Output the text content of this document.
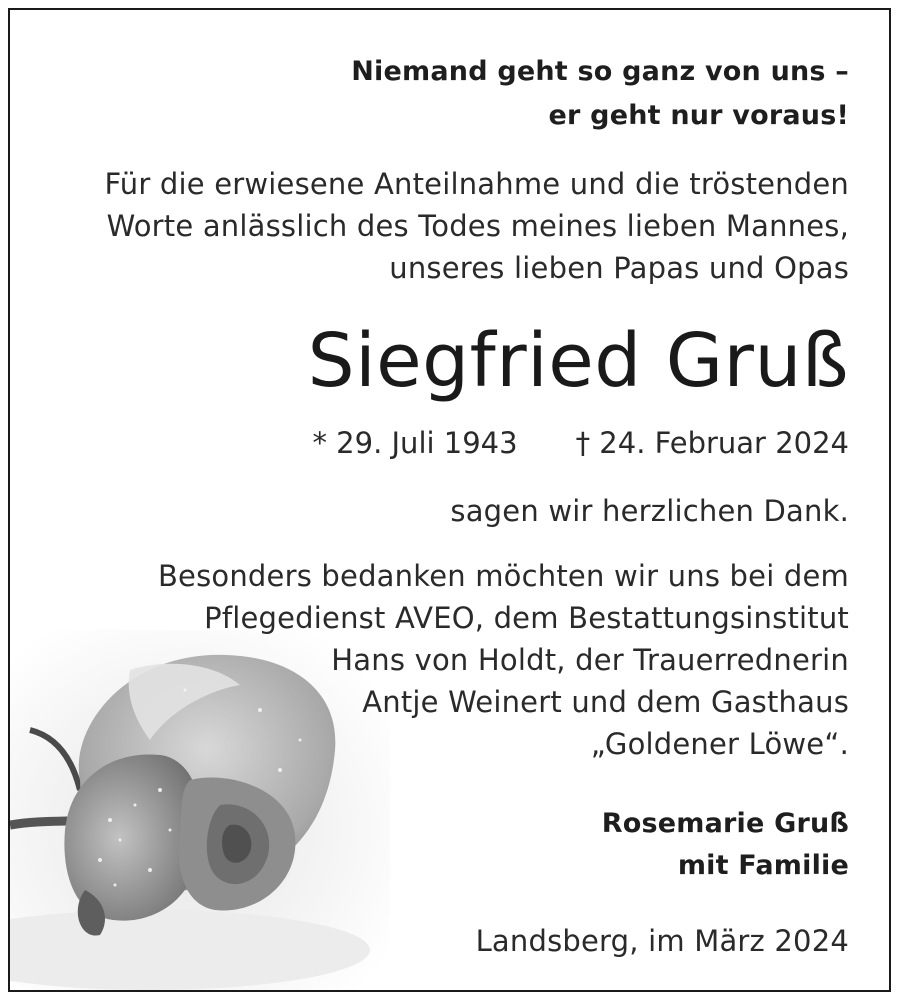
Niemand geht so ganz von uns –
er geht nur voraus!
Für die erwiesene Anteilnahme und die tröstenden
Worte anlässlich des Todes meines lieben Mannes,
unseres lieben Papas und Opas
Siegfried Gruß
* 29. Juli 1943 † 24. Februar 2024
sagen wir herzlichen Dank.
Besonders bedanken möchten wir uns bei dem
Pflegedienst AVEO, dem Bestattungsinstitut
Hans von Holdt, der Trauerrednerin
Antje Weinert und dem Gasthaus
„Goldener Löwe“.
Rosemarie Gruß
mit Familie
Landsberg, im März 2024
